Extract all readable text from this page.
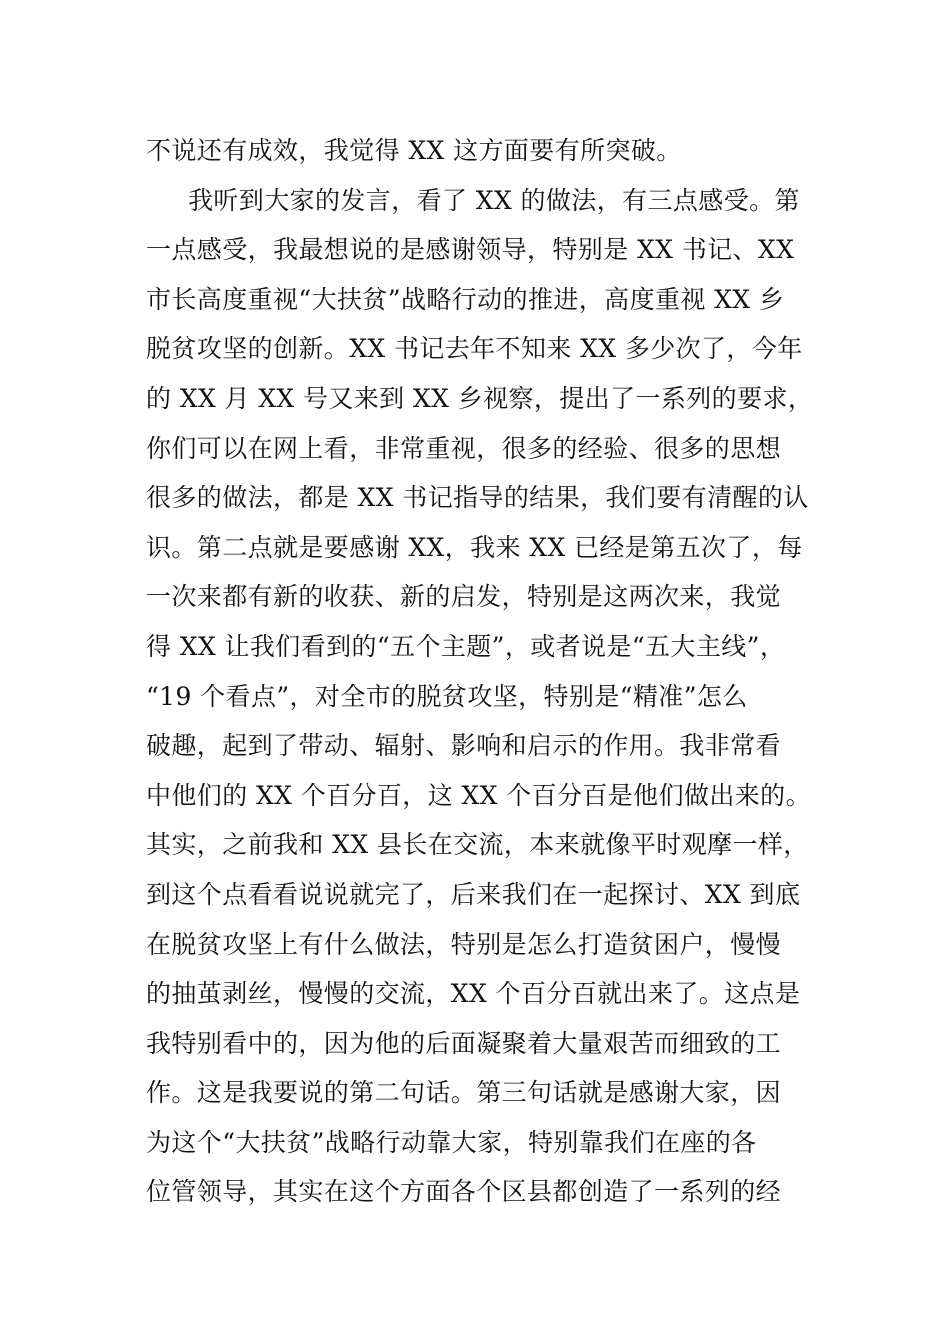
不说还有成效，我觉得 XX 这方面要有所突破。
我听到大家的发言，看了 XX 的做法，有三点感受。第
一点感受，我最想说的是感谢领导，特别是 XX 书记、XX
市长高度重视“大扶贫”战略行动的推进，高度重视 XX 乡
脱贫攻坚的创新。XX 书记去年不知来 XX 多少次了，今年
的 XX 月 XX 号又来到 XX 乡视察，提出了一系列的要求，
你们可以在网上看，非常重视，很多的经验、很多的思想
很多的做法，都是 XX 书记指导的结果，我们要有清醒的认
识。第二点就是要感谢 XX，我来 XX 已经是第五次了，每
一次来都有新的收获、新的启发，特别是这两次来，我觉
得 XX 让我们看到的“五个主题”，或者说是“五大主线”，
“19 个看点”，对全市的脱贫攻坚，特别是“精准”怎么
破趣，起到了带动、辐射、影响和启示的作用。我非常看
中他们的 XX 个百分百，这 XX 个百分百是他们做出来的。
其实，之前我和 XX 县长在交流，本来就像平时观摩一样，
到这个点看看说说就完了，后来我们在一起探讨、XX 到底
在脱贫攻坚上有什么做法，特别是怎么打造贫困户，慢慢
的抽茧剥丝，慢慢的交流，XX 个百分百就出来了。这点是
我特别看中的，因为他的后面凝聚着大量艰苦而细致的工
作。这是我要说的第二句话。第三句话就是感谢大家，因
为这个“大扶贫”战略行动靠大家，特别靠我们在座的各
位管领导，其实在这个方面各个区县都创造了一系列的经
